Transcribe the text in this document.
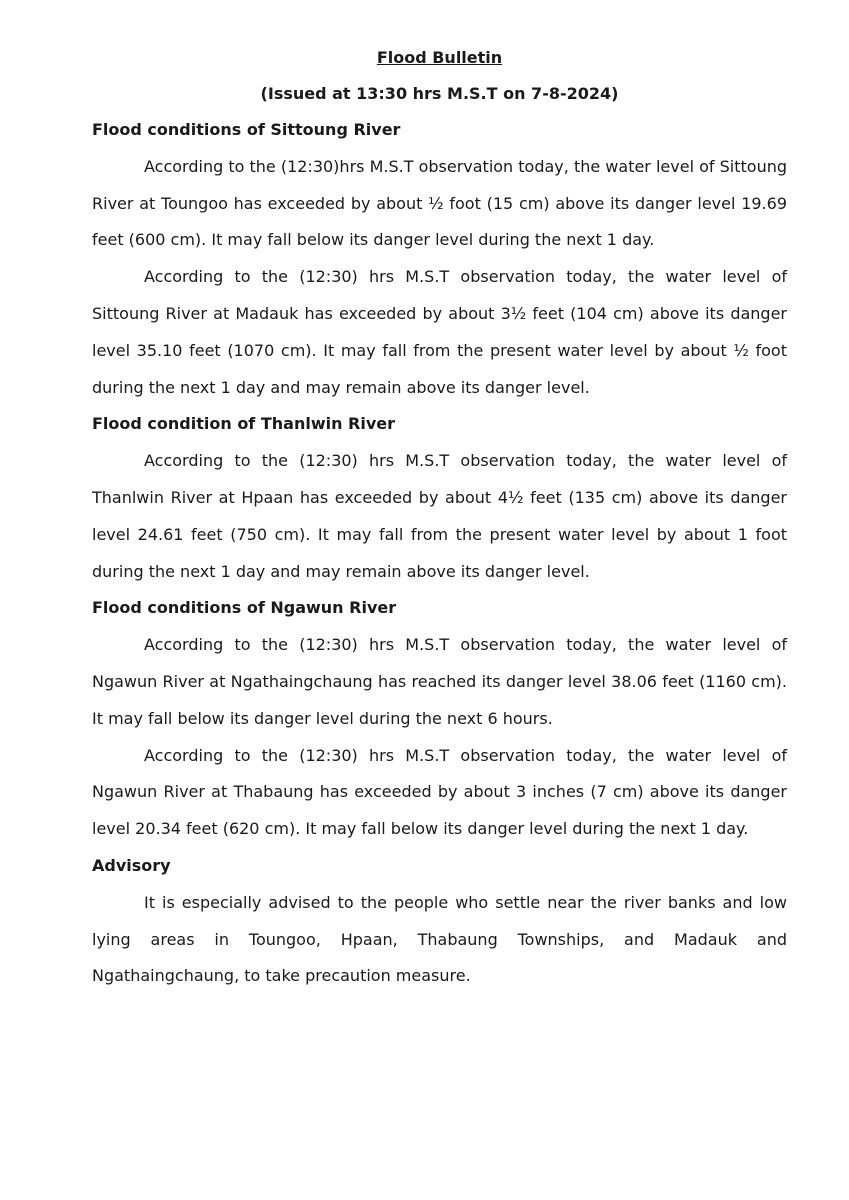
Flood Bulletin

(Issued at 13:30 hrs M.S.T on 7-8-2024)

Flood conditions of Sittoung River

According to the (12:30)hrs M.S.T observation today, the water level of Sittoung River at Toungoo has exceeded by about ½ foot (15 cm) above its danger level 19.69 feet (600 cm). It may fall below its danger level during the next 1 day.

According to the (12:30) hrs M.S.T observation today, the water level of Sittoung River at Madauk has exceeded by about 3½ feet (104 cm) above its danger level 35.10 feet (1070 cm). It may fall from the present water level by about ½ foot during the next 1 day and may remain above its danger level.

Flood condition of Thanlwin River

According to the (12:30) hrs M.S.T observation today, the water level of Thanlwin River at Hpaan has exceeded by about 4½ feet (135 cm) above its danger level 24.61 feet (750 cm). It may fall from the present water level by about 1 foot during the next 1 day and may remain above its danger level.

Flood conditions of Ngawun River

According to the (12:30) hrs M.S.T observation today, the water level of Ngawun River at Ngathaingchaung has reached its danger level 38.06 feet (1160 cm). It may fall below its danger level during the next 6 hours.

According to the (12:30) hrs M.S.T observation today, the water level of Ngawun River at Thabaung has exceeded by about 3 inches (7 cm) above its danger level 20.34 feet (620 cm). It may fall below its danger level during the next 1 day.

Advisory

It is especially advised to the people who settle near the river banks and low lying areas in Toungoo, Hpaan, Thabaung Townships, and Madauk and Ngathaingchaung, to take precaution measure.
